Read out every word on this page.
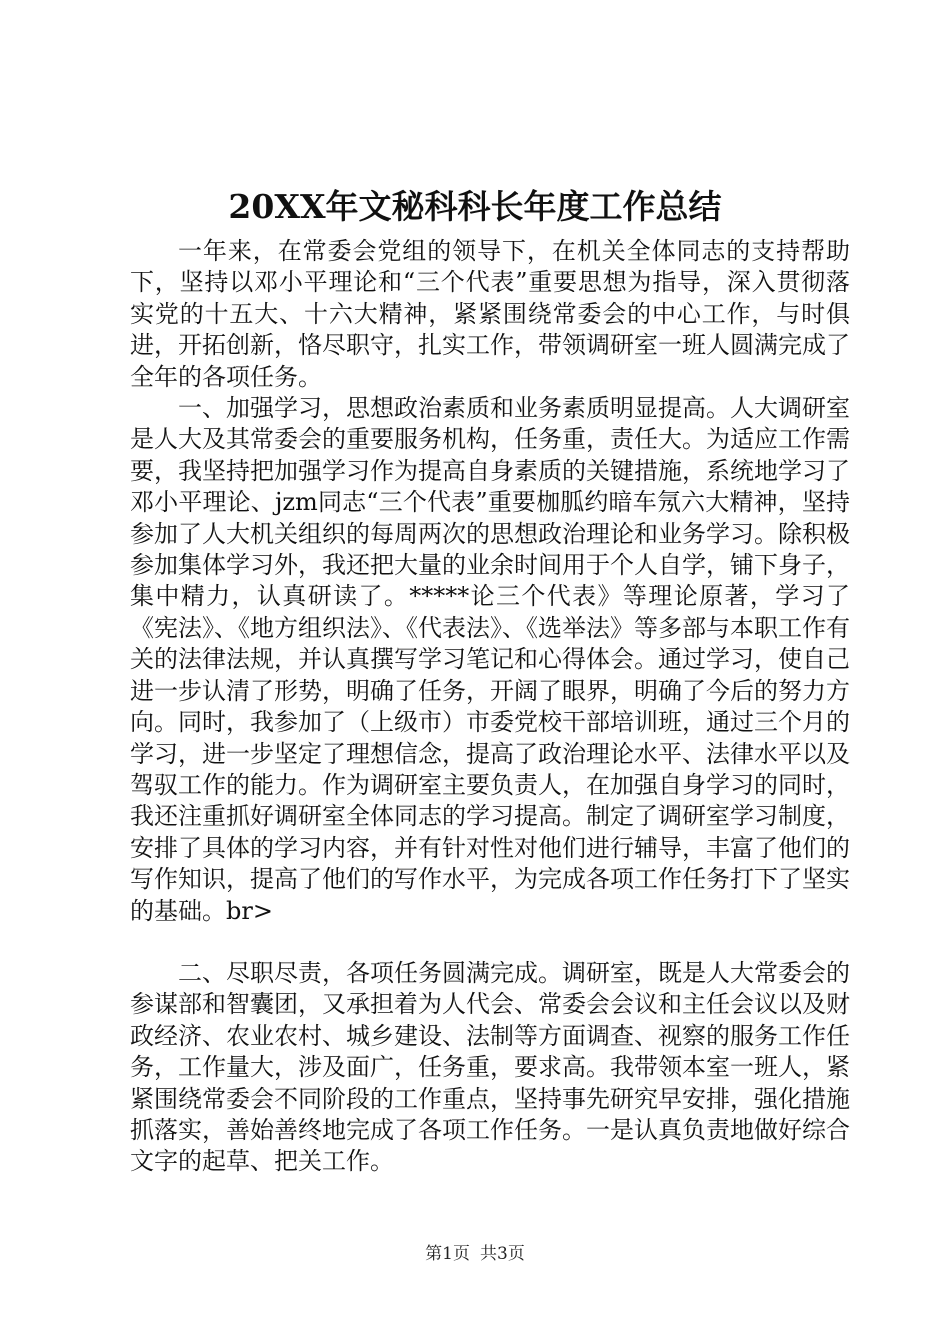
20XX年文秘科科长年度工作总结

一年来，在常委会党组的领导下，在机关全体同志的支持帮助下，坚持以邓小平理论和“三个代表”重要思想为指导，深入贯彻落实党的十五大、十六大精神，紧紧围绕常委会的中心工作，与时俱进，开拓创新，恪尽职守，扎实工作，带领调研室一班人圆满完成了全年的各项任务。

一、加强学习，思想政治素质和业务素质明显提高。人大调研室是人大及其常委会的重要服务机构，任务重，责任大。为适应工作需要，我坚持把加强学习作为提高自身素质的关键措施，系统地学习了邓小平理论、jzm同志“三个代表”重要枷胍约暗车氖六大精神，坚持参加了人大机关组织的每周两次的思想政治理论和业务学习。除积极参加集体学习外，我还把大量的业余时间用于个人自学，铺下身子，集中精力，认真研读了。*****论三个代表》等理论原著，学习了《宪法》、《地方组织法》、《代表法》、《选举法》等多部与本职工作有关的法律法规，并认真撰写学习笔记和心得体会。通过学习，使自己进一步认清了形势，明确了任务，开阔了眼界，明确了今后的努力方向。同时，我参加了（上级市）市委党校干部培训班，通过三个月的学习，进一步坚定了理想信念，提高了政治理论水平、法律水平以及驾驭工作的能力。作为调研室主要负责人，在加强自身学习的同时，我还注重抓好调研室全体同志的学习提高。制定了调研室学习制度，安排了具体的学习内容，并有针对性对他们进行辅导，丰富了他们的写作知识，提高了他们的写作水平，为完成各项工作任务打下了坚实的基础。br>

二、尽职尽责，各项任务圆满完成。调研室，既是人大常委会的参谋部和智囊团，又承担着为人代会、常委会会议和主任会议以及财政经济、农业农村、城乡建设、法制等方面调查、视察的服务工作任务，工作量大，涉及面广，任务重，要求高。我带领本室一班人，紧紧围绕常委会不同阶段的工作重点，坚持事先研究早安排，强化措施抓落实，善始善终地完成了各项工作任务。一是认真负责地做好综合文字的起草、把关工作。

第1页 共3页
